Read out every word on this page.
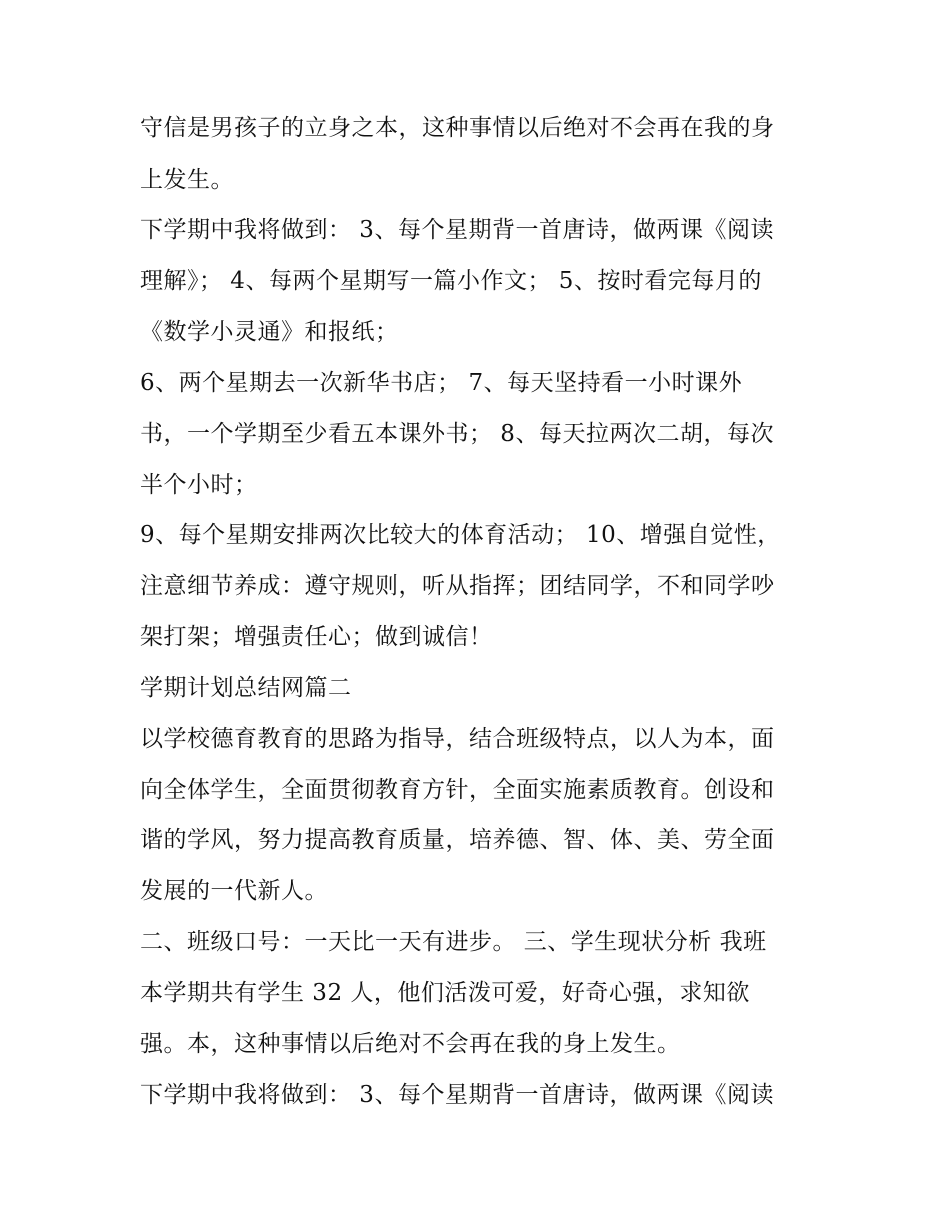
守信是男孩子的立身之本，这种事情以后绝对不会再在我的身
上发生。
下学期中我将做到： 3、每个星期背一首唐诗，做两课《阅读
理解》； 4、每两个星期写一篇小作文； 5、按时看完每月的
《数学小灵通》和报纸；
6、两个星期去一次新华书店； 7、每天坚持看一小时课外
书，一个学期至少看五本课外书； 8、每天拉两次二胡，每次
半个小时；
9、每个星期安排两次比较大的体育活动； 10、增强自觉性，
注意细节养成：遵守规则，听从指挥；团结同学，不和同学吵
架打架；增强责任心；做到诚信！
学期计划总结网篇二
以学校德育教育的思路为指导，结合班级特点，以人为本，面
向全体学生，全面贯彻教育方针，全面实施素质教育。创设和
谐的学风，努力提高教育质量，培养德、智、体、美、劳全面
发展的一代新人。
二、班级口号：一天比一天有进步。 三、学生现状分析 我班
本学期共有学生 32 人，他们活泼可爱，好奇心强，求知欲
强。本，这种事情以后绝对不会再在我的身上发生。
下学期中我将做到： 3、每个星期背一首唐诗，做两课《阅读
